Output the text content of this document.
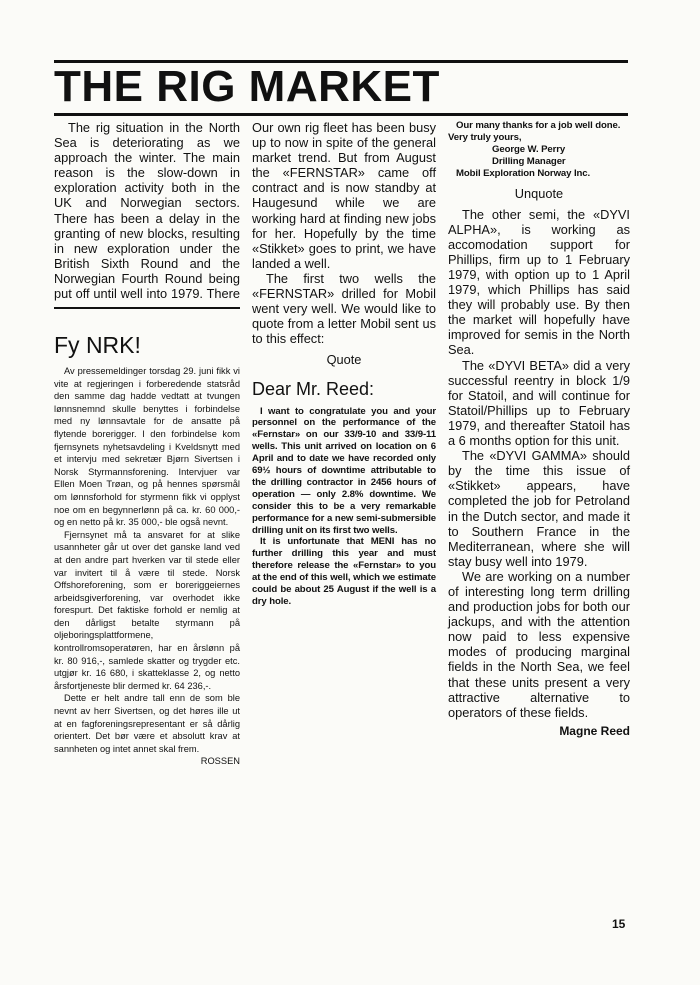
THE RIG MARKET

The rig situation in the North Sea is deteriorating as we approach the winter. The main reason is the slow-down in exploration activity both in the UK and Norwegian sectors. There has been a delay in the granting of new blocks, resulting in new exploration under the British Sixth Round and the Norwegian Fourth Round being put off until well into 1979. There

Fy NRK!

Av pressemeldinger torsdag 29. juni fikk vi vite at regjeringen i forberedende statsråd den samme dag hadde vedtatt at tvungen lønnsnemnd skulle benyttes i forbindelse med ny lønnsavtale for de ansatte på flytende borerigger. I den forbindelse kom fjernsynets nyhetsavdeling i Kveldsnytt med et intervju med sekretær Bjørn Sivertsen i Norsk Styrmannsforening. Intervjuer var Ellen Moen Trøan, og på hennes spørsmål om lønnsforhold for styrmenn fikk vi opplyst noe om en begynnerlønn på ca. kr. 60 000,- og en netto på kr. 35 000,- ble også nevnt.

Fjernsynet må ta ansvaret for at slike usannheter går ut over det ganske land ved at den andre part hverken var til stede eller var invitert til å være til stede. Norsk Offshoreforening, som er boreriggeiernes arbeidsgiverforening, var overhodet ikke forespurt. Det faktiske forhold er nemlig at den dårligst betalte styrmann på oljeboringsplattformene, kontrollromsoperatøren, har en årslønn på kr. 80 916,-, samlede skatter og trygder etc. utgjør kr. 16 680, i skatteklasse 2, og netto årsfortjeneste blir dermed kr. 64 236,-.

Dette er helt andre tall enn de som ble nevnt av herr Sivertsen, og det høres ille ut at en fagforeningsrepresentant er så dårlig orientert. Det bør være et absolutt krav at sannheten og intet annet skal frem.

ROSSEN

Our own rig fleet has been busy up to now in spite of the general market trend. But from August the «FERNSTAR» came off contract and is now standby at Haugesund while we are working hard at finding new jobs for her. Hopefully by the time «Stikket» goes to print, we have landed a well.

The first two wells the «FERNSTAR» drilled for Mobil went very well. We would like to quote from a letter Mobil sent us to this effect:

Quote

Dear Mr. Reed:

I want to congratulate you and your personnel on the performance of the «Fernstar» on our 33/9-10 and 33/9-11 wells. This unit arrived on location on 6 April and to date we have recorded only 69½ hours of downtime attributable to the drilling contractor in 2456 hours of operation — only 2.8% downtime. We consider this to be a very remarkable performance for a new semi-submersible drilling unit on its first two wells.

It is unfortunate that MENI has no further drilling this year and must therefore release the «Fernstar» to you at the end of this well, which we estimate could be about 25 August if the well is a dry hole.

Our many thanks for a job well done.

Very truly yours,

George W. Perry

Drilling Manager

Mobil Exploration Norway Inc.

Unquote

The other semi, the «DYVI ALPHA», is working as accomodation support for Phillips, firm up to 1 February 1979, with option up to 1 April 1979, which Phillips has said they will probably use. By then the market will hopefully have improved for semis in the North Sea.

The «DYVI BETA» did a very successful reentry in block 1/9 for Statoil, and will continue for Statoil/Phillips up to February 1979, and thereafter Statoil has a 6 months option for this unit.

The «DYVI GAMMA» should by the time this issue of «Stikket» appears, have completed the job for Petroland in the Dutch sector, and made it to Southern France in the Mediterranean, where she will stay busy well into 1979.

We are working on a number of interesting long term drilling and production jobs for both our jackups, and with the attention now paid to less expensive modes of producing marginal fields in the North Sea, we feel that these units present a very attractive alternative to operators of these fields.

Magne Reed
15
